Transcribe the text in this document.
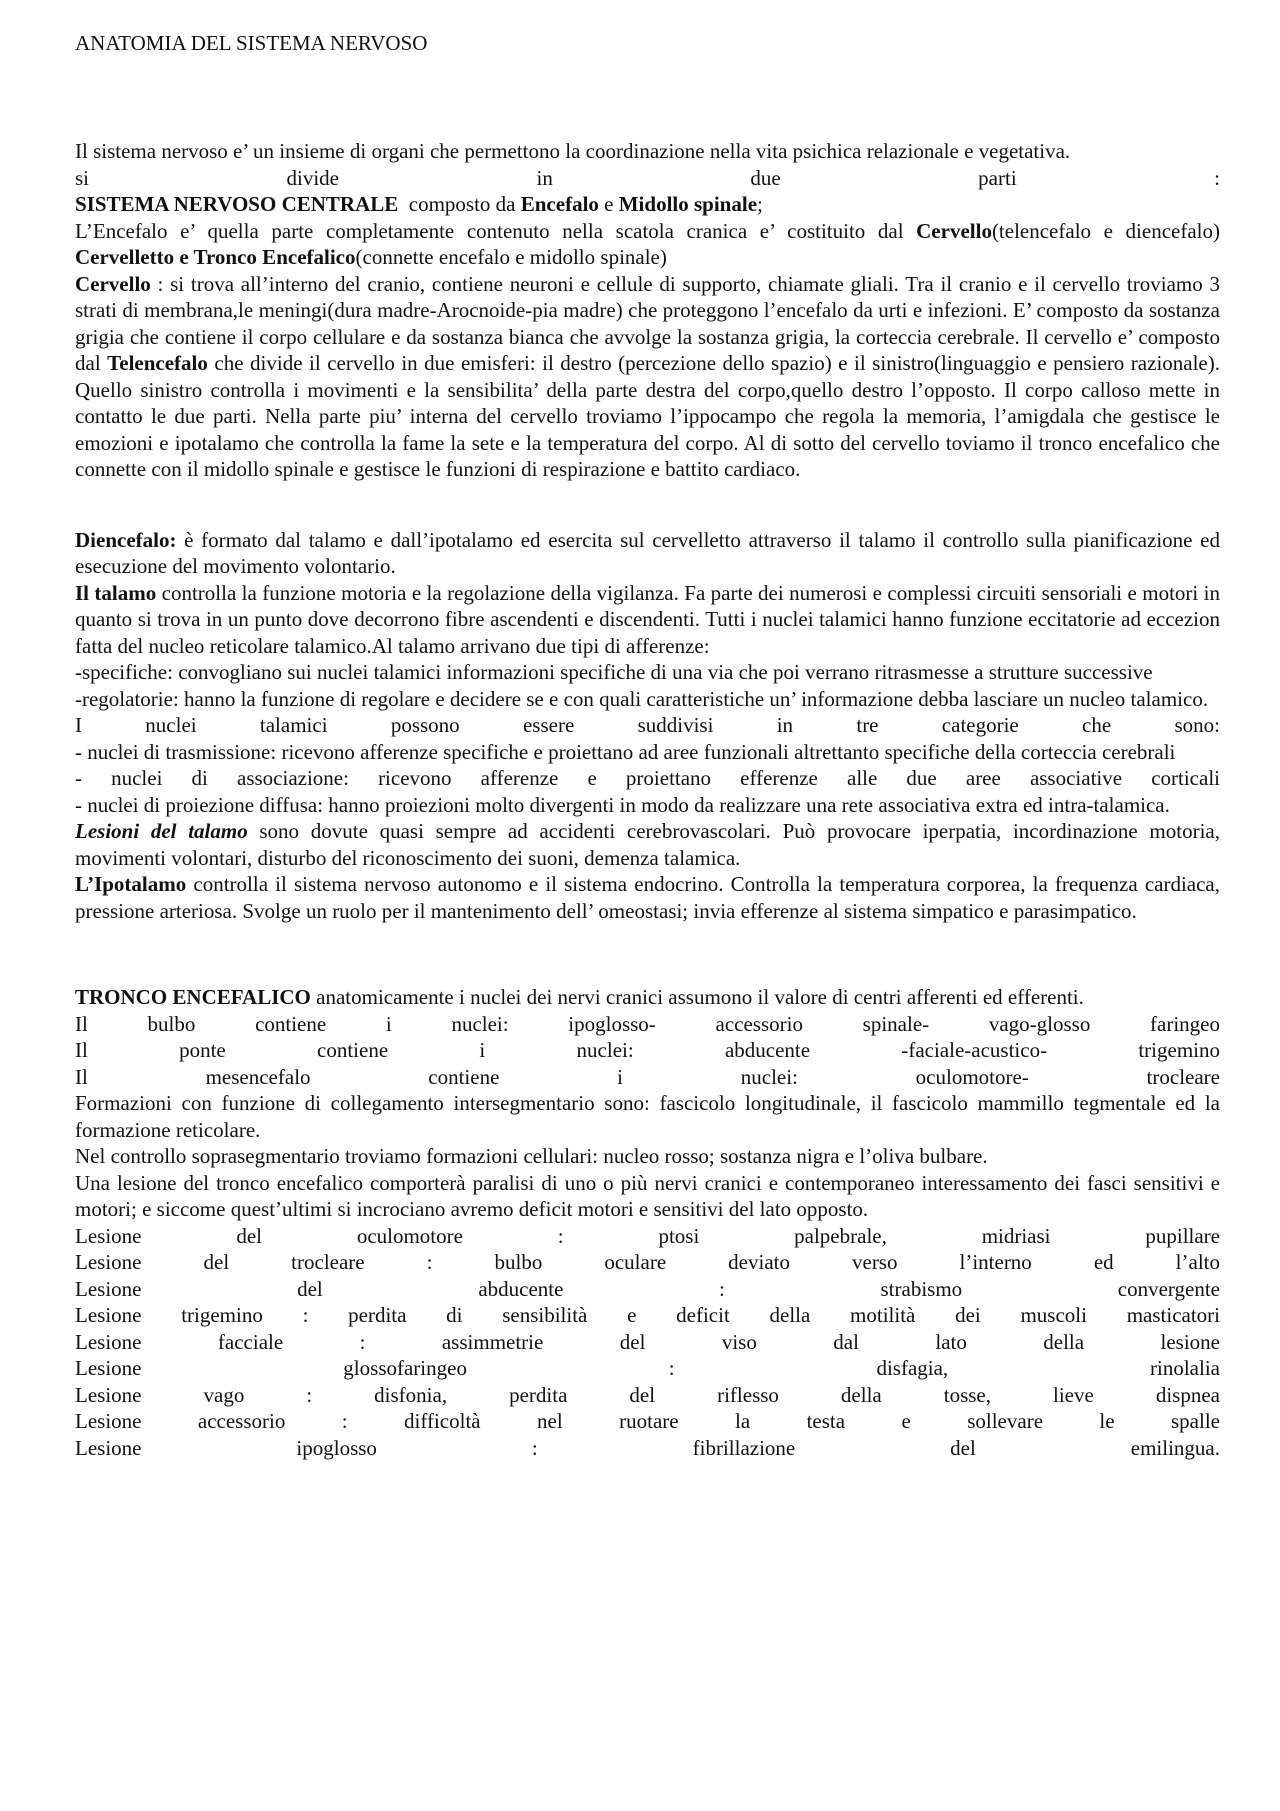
ANATOMIA DEL SISTEMA NERVOSO

Il sistema nervoso e’ un insieme di organi che permettono la coordinazione nella vita psichica relazionale e vegetativa.
si divide in due parti :

SISTEMA NERVOSO CENTRALE  composto da Encefalo e Midollo spinale;

L’Encefalo e’ quella parte completamente contenuto nella scatola cranica e’ costituito dal Cervello(telencefalo e diencefalo) Cervelletto e Tronco Encefalico(connette encefalo e midollo spinale)

Cervello : si trova all’interno del cranio, contiene neuroni e cellule di supporto, chiamate gliali. Tra il cranio e il cervello troviamo 3 strati di membrana,le meningi(dura madre-Arocnoide-pia madre) che proteggono l’encefalo da urti e infezioni. E’ composto da sostanza grigia che contiene il corpo cellulare e da sostanza bianca che avvolge la sostanza grigia, la corteccia cerebrale. Il cervello e’ composto dal Telencefalo che divide il cervello in due emisferi: il destro (percezione dello spazio) e il sinistro(linguaggio e pensiero razionale). Quello sinistro controlla i movimenti e la sensibilita’ della parte destra del corpo,quello destro l’opposto. Il corpo calloso mette in contatto le due parti. Nella parte piu’ interna del cervello troviamo l’ippocampo che regola la memoria, l’amigdala che gestisce le emozioni e ipotalamo che controlla la fame la sete e la temperatura del corpo. Al di sotto del cervello toviamo il tronco encefalico che connette con il midollo spinale e gestisce le funzioni di respirazione e battito cardiaco.

Diencefalo: è formato dal talamo e dall’ipotalamo ed esercita sul cervelletto attraverso il talamo il controllo sulla pianificazione ed esecuzione del movimento volontario.

Il talamo controlla la funzione motoria e la regolazione della vigilanza. Fa parte dei numerosi e complessi circuiti sensoriali e motori in quanto si trova in un punto dove decorrono fibre ascendenti e discendenti. Tutti i nuclei talamici hanno funzione eccitatorie ad eccezion fatta del nucleo reticolare talamico.Al talamo arrivano due tipi di afferenze:

-specifiche: convogliano sui nuclei talamici informazioni specifiche di una via che poi verrano ritrasmesse a strutture successive

-regolatorie: hanno la funzione di regolare e decidere se e con quali caratteristiche un’ informazione debba lasciare un nucleo talamico.

I nuclei talamici possono essere suddivisi in tre categorie che sono:

- nuclei di trasmissione: ricevono afferenze specifiche e proiettano ad aree funzionali altrettanto specifiche della corteccia cerebrali

- nuclei di associazione: ricevono afferenze e proiettano efferenze alle due aree associative corticali

- nuclei di proiezione diffusa: hanno proiezioni molto divergenti in modo da realizzare una rete associativa extra ed intra-talamica.

Lesioni del talamo sono dovute quasi sempre ad accidenti cerebrovascolari. Può provocare iperpatia, incordinazione motoria, movimenti volontari, disturbo del riconoscimento dei suoni, demenza talamica.

L’Ipotalamo controlla il sistema nervoso autonomo e il sistema endocrino. Controlla la temperatura corporea, la frequenza cardiaca, pressione arteriosa. Svolge un ruolo per il mantenimento dell’ omeostasi; invia efferenze al sistema simpatico e parasimpatico.

TRONCO ENCEFALICO anatomicamente i nuclei dei nervi cranici assumono il valore di centri afferenti ed efferenti.

Il bulbo contiene i nuclei: ipoglosso- accessorio spinale- vago-glosso faringeo

Il ponte contiene i nuclei: abducente -faciale-acustico- trigemino

Il mesencefalo contiene i nuclei: oculomotore- trocleare

Formazioni con funzione di collegamento intersegmentario sono: fascicolo longitudinale, il fascicolo mammillo tegmentale ed la formazione reticolare.

Nel controllo soprasegmentario troviamo formazioni cellulari: nucleo rosso; sostanza nigra e l’oliva bulbare.

Una lesione del tronco encefalico comporterà paralisi di uno o più nervi cranici e contemporaneo interessamento dei fasci sensitivi e motori; e siccome quest’ultimi si incrociano avremo deficit motori e sensitivi del lato opposto.

Lesione del oculomotore : ptosi palpebrale, midriasi pupillare

Lesione del trocleare : bulbo oculare deviato verso l’interno ed l’alto

Lesione del abducente : strabismo convergente

Lesione trigemino : perdita di sensibilità e deficit della motilità dei muscoli masticatori

Lesione facciale : assimmetrie del viso dal lato della lesione

Lesione glossofaringeo : disfagia, rinolalia

Lesione vago : disfonia, perdita del riflesso della tosse, lieve dispnea

Lesione accessorio : difficoltà nel ruotare la testa e sollevare le spalle

Lesione ipoglosso : fibrillazione del emilingua.
